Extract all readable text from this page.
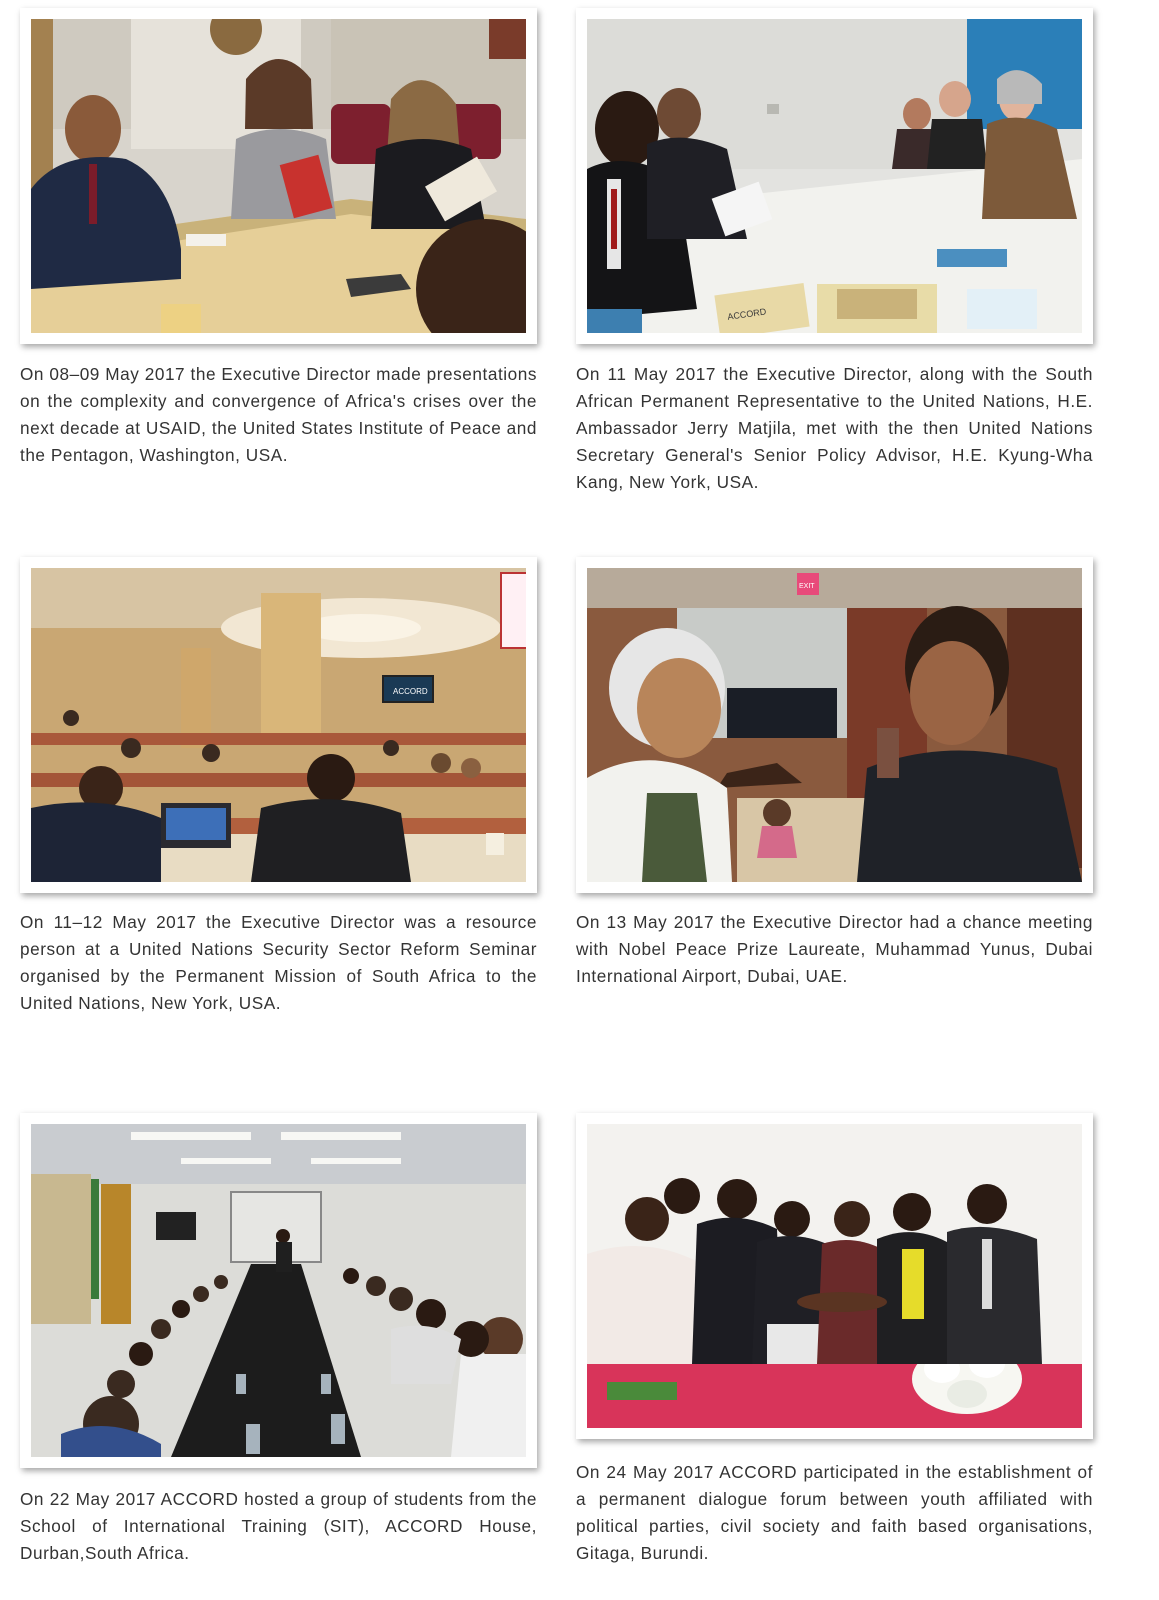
On 08–09 May 2017 the Executive Director made presentations on the complexity and convergence of Africa's crises over the next decade at USAID, the United States Institute of Peace and the Pentagon, Washington, USA.

ACCORD

On 11 May 2017 the Executive Director, along with the South African Permanent Representative to the United Nations, H.E. Ambassador Jerry Matjila, met with the then United Nations Secretary General's Senior Policy Advisor, H.E. Kyung-Wha Kang, New York, USA.

ACCORD

On 11–12 May 2017 the Executive Director was a resource person at a United Nations Security Sector Reform Seminar organised by the Permanent Mission of South Africa to the United Nations, New York, USA.

EXIT

On 13 May 2017 the Executive Director had a chance meeting with Nobel Peace Prize Laureate, Muhammad Yunus, Dubai International Airport, Dubai, UAE.

On 22 May 2017 ACCORD hosted a group of students from the School of International Training (SIT), ACCORD House, Durban,South Africa.

On 24 May 2017 ACCORD participated in the establishment of a permanent dialogue forum between youth affiliated with political parties, civil society and faith based organisations, Gitaga, Burundi.
